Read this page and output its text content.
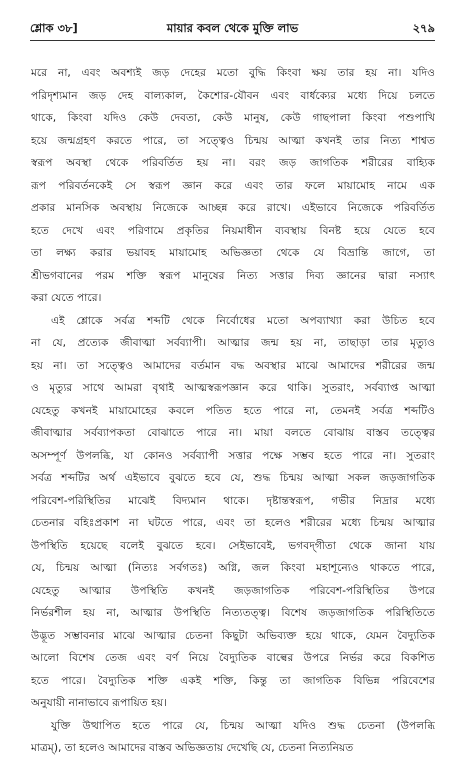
শ্লোক ৩৮]	মায়ার কবল থেকে মুক্তি লাভ	২৭৯
মরে না, এবং অবশ্যই জড় দেহের মতো বুদ্ধি কিংবা ক্ষয় তার হয় না। যদিও
পরিদৃশ্যমান জড় দেহ বাল্যকাল, কৈশোর-যৌবন এবং বার্ধক্যের মধ্যে দিয়ে চলতে
থাকে, কিংবা যদিও কেউ দেবতা, কেউ মানুষ, কেউ গাছপালা কিংবা পশুপাখি
হয়ে জন্মগ্রহণ করতে পারে, তা সত্ত্বেও চিন্ময় আত্মা কখনই তার নিত্য শাশ্বত
স্বরূপ অবস্থা থেকে পরিবর্তিত হয় না। বরং জড় জাগতিক শরীরের বাহ্যিক
রূপ পরিবর্তনকেই সে স্বরূপ জ্ঞান করে এবং তার ফলে মায়ামোহ নামে এক
প্রকার মানসিক অবস্থায় নিজেকে আচ্ছন্ন করে রাখে। এইভাবে নিজেকে পরিবর্তিত
হতে দেখে এবং পরিণামে প্রকৃতির নিয়মাধীন ব্যবস্থায় বিনষ্ট হয়ে যেতে হবে
তা লক্ষ্য করার ভয়াবহ মায়ামোহ অভিজ্ঞতা থেকে যে বিভ্রান্তি জাগে, তা
শ্রীভগবানের পরম শক্তি স্বরূপ মানুষের নিত্য সত্তার দিব্য জ্ঞানের দ্বারা নস্যাৎ
করা যেতে পারে।
এই শ্লোকে সর্বত্র শব্দটি থেকে নির্বোধের মতো অপব্যাখ্যা করা উচিত হবে
না যে, প্রত্যেক জীবাত্মা সর্বব্যাপী। আত্মার জন্ম হয় না, তাছাড়া তার মৃত্যুও
হয় না। তা সত্ত্বেও আমাদের বর্তমান বদ্ধ অবস্থার মাঝে আমাদের শরীরের জন্ম
ও মৃত্যুর সাথে আমরা বৃথাই আত্মস্বরূপজ্ঞান করে থাকি। সুতরাং, সর্বব্যাপ্ত আত্মা
যেহেতু কখনই মায়ামোহের কবলে পতিত হতে পারে না, তেমনই সর্বত্র শব্দটিও
জীবাত্মার সর্বব্যাপকতা বোঝাতে পারে না। মায়া বলতে বোঝায় বাস্তব তত্ত্বের
অসম্পূর্ণ উপলব্ধি, যা কোনও সর্বব্যাপী সত্তার পক্ষে সম্ভব হতে পারে না। সুতরাং
সর্বত্র শব্দটির অর্থ এইভাবে বুঝতে হবে যে, শুদ্ধ চিন্ময় আত্মা সকল জড়জাগতিক
পরিবেশ-পরিস্থিতির মাঝেই বিদ্যমান থাকে। দৃষ্টান্তস্বরূপ, গভীর নিদ্রার মধ্যে
চেতনার বহিঃপ্রকাশ না ঘটতে পারে, এবং তা হলেও শরীরের মধ্যে চিন্ময় আত্মার
উপস্থিতি হয়েছে বলেই বুঝতে হবে। সেইভাবেই, ভগবদ্‌গীতা থেকে জানা যায়
যে, চিন্ময় আত্মা (নিত্যঃ সর্বগতঃ) অগ্নি, জল কিংবা মহাশূন্যেও থাকতে পারে,
যেহেতু আত্মার উপস্থিতি কখনই জড়জাগতিক পরিবেশ-পরিস্থিতির উপরে
নির্ভরশীল হয় না, আত্মার উপস্থিতি নিত্যতত্ত্ব। বিশেষ জড়জাগতিক পরিস্থিতিতে
উদ্ভূত সম্ভাবনার মাঝে আত্মার চেতনা কিছুটা অভিব্যক্ত হয়ে থাকে, যেমন বৈদ্যুতিক
আলো বিশেষ তেজ এবং বর্ণ নিয়ে বৈদ্যুতিক বাল্বের উপরে নির্ভর করে বিকশিত
হতে পারে। বৈদ্যুতিক শক্তি একই শক্তি, কিন্তু তা জাগতিক বিভিন্ন পরিবেশের
অনুযায়ী নানাভাবে রূপায়িত হয়।
যুক্তি উত্থাপিত হতে পারে যে, চিন্ময় আত্মা যদিও শুদ্ধ চেতনা (উপলব্ধি
মাত্রম্), তা হলেও আমাদের বাস্তব অভিজ্ঞতায় দেখেছি যে, চেতনা নিত্যনিয়ত
